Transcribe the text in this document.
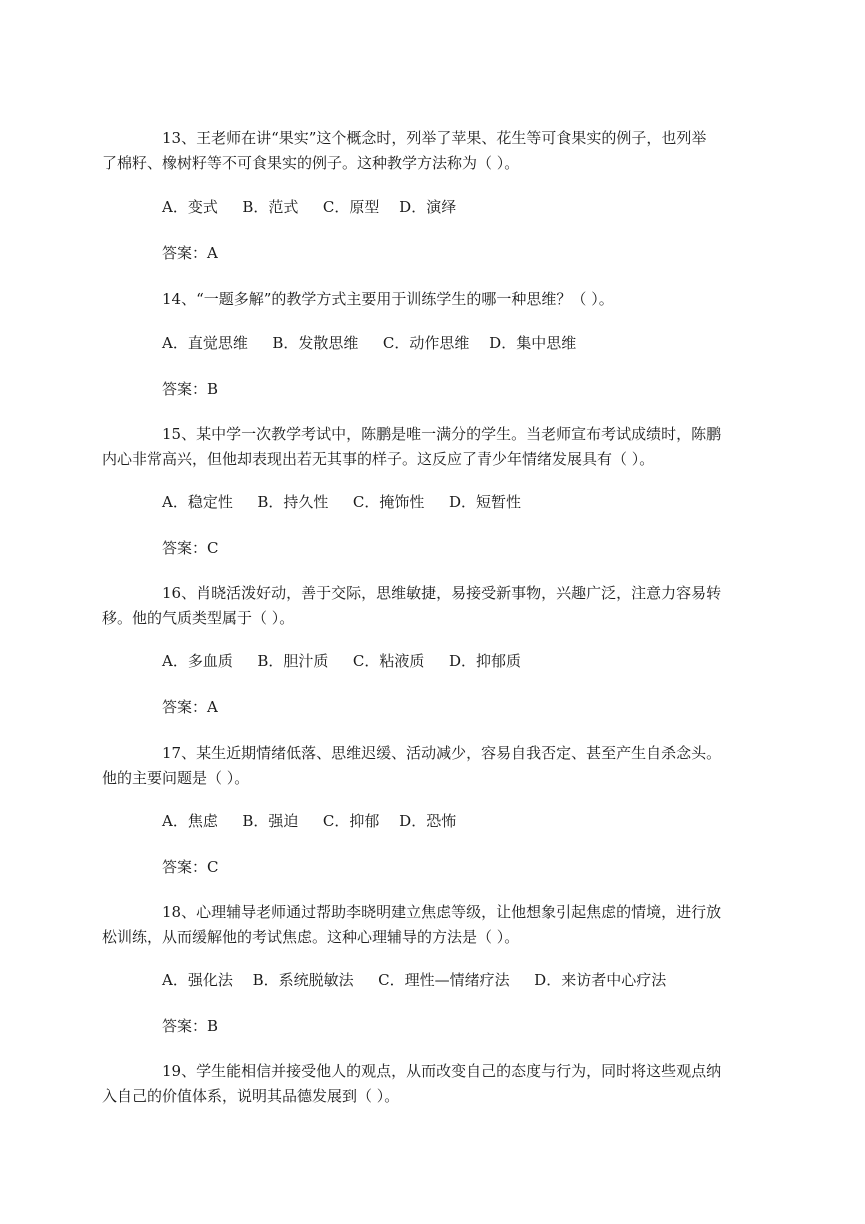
13、王老师在讲“果实”这个概念时，列举了苹果、花生等可食果实的例子，也列举
了棉籽、橡树籽等不可食果实的例子。这种教学方法称为（ ）。

A．变式　  B．范式　  C．原型　 D．演绎

答案：A

14、“一题多解”的教学方式主要用于训练学生的哪一种思维？（ ）。

A．直觉思维　  B．发散思维　  C．动作思维　 D．集中思维

答案：B

15、某中学一次教学考试中，陈鹏是唯一满分的学生。当老师宣布考试成绩时，陈鹏
内心非常高兴，但他却表现出若无其事的样子。这反应了青少年情绪发展具有（ ）。

A．稳定性　  B．持久性　  C．掩饰性　  D．短暂性

答案：C

16、肖晓活泼好动，善于交际，思维敏捷，易接受新事物，兴趣广泛，注意力容易转
移。他的气质类型属于（ ）。

A．多血质　  B．胆汁质　  C．粘液质　  D．抑郁质

答案：A

17、某生近期情绪低落、思维迟缓、活动减少，容易自我否定、甚至产生自杀念头。
他的主要问题是（ ）。

A．焦虑　  B．强迫　  C．抑郁　 D．恐怖

答案：C

18、心理辅导老师通过帮助李晓明建立焦虑等级，让他想象引起焦虑的情境，进行放
松训练，从而缓解他的考试焦虑。这种心理辅导的方法是（ ）。

A．强化法　 B．系统脱敏法　  C．理性—情绪疗法　  D．来访者中心疗法

答案：B

19、学生能相信并接受他人的观点，从而改变自己的态度与行为，同时将这些观点纳
入自己的价值体系，说明其品德发展到（ ）。
